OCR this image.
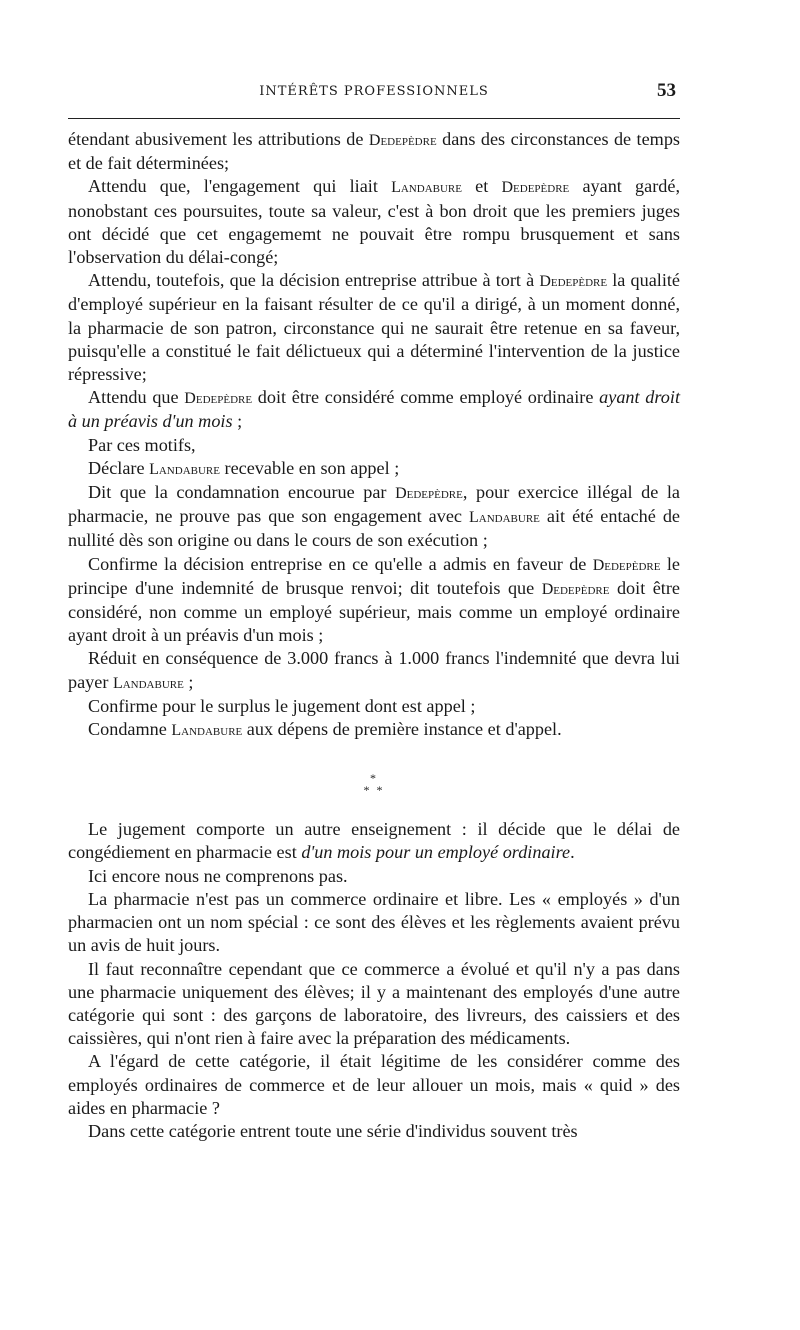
INTÉRÊTS PROFESSIONNELS	53

étendant abusivement les attributions de Dedepèdre dans des circonstances de temps et de fait déterminées;

Attendu que, l'engagement qui liait Landabure et Dedepèdre ayant gardé, nonobstant ces poursuites, toute sa valeur, c'est à bon droit que les premiers juges ont décidé que cet engagememt ne pouvait être rompu brusquement et sans l'observation du délai-congé;

Attendu, toutefois, que la décision entreprise attribue à tort à Dedepèdre la qualité d'employé supérieur en la faisant résulter de ce qu'il a dirigé, à un moment donné, la pharmacie de son patron, circonstance qui ne saurait être retenue en sa faveur, puisqu'elle a constitué le fait délictueux qui a déterminé l'intervention de la justice répressive;

Attendu que Dedepèdre doit être considéré comme employé ordinaire ayant droit à un préavis d'un mois ;

Par ces motifs,

Déclare Landabure recevable en son appel ;

Dit que la condamnation encourue par Dedepèdre, pour exercice illégal de la pharmacie, ne prouve pas que son engagement avec Landabure ait été entaché de nullité dès son origine ou dans le cours de son exécution ;

Confirme la décision entreprise en ce qu'elle a admis en faveur de Dedepèdre le principe d'une indemnité de brusque renvoi; dit toutefois que Dedepèdre doit être considéré, non comme un employé supérieur, mais comme un employé ordinaire ayant droit à un préavis d'un mois ;

Réduit en conséquence de 3.000 francs à 1.000 francs l'indemnité que devra lui payer Landabure ;

Confirme pour le surplus le jugement dont est appel ;

Condamne Landabure aux dépens de première instance et d'appel.

*
* *

Le jugement comporte un autre enseignement : il décide que le délai de congédiement en pharmacie est d'un mois pour un employé ordinaire.

Ici encore nous ne comprenons pas.

La pharmacie n'est pas un commerce ordinaire et libre. Les « employés » d'un pharmacien ont un nom spécial : ce sont des élèves et les règlements avaient prévu un avis de huit jours.

Il faut reconnaître cependant que ce commerce a évolué et qu'il n'y a pas dans une pharmacie uniquement des élèves; il y a maintenant des employés d'une autre catégorie qui sont : des garçons de laboratoire, des livreurs, des caissiers et des caissières, qui n'ont rien à faire avec la préparation des médicaments.

A l'égard de cette catégorie, il était légitime de les considérer comme des employés ordinaires de commerce et de leur allouer un mois, mais « quid » des aides en pharmacie ?

Dans cette catégorie entrent toute une série d'individus souvent très
